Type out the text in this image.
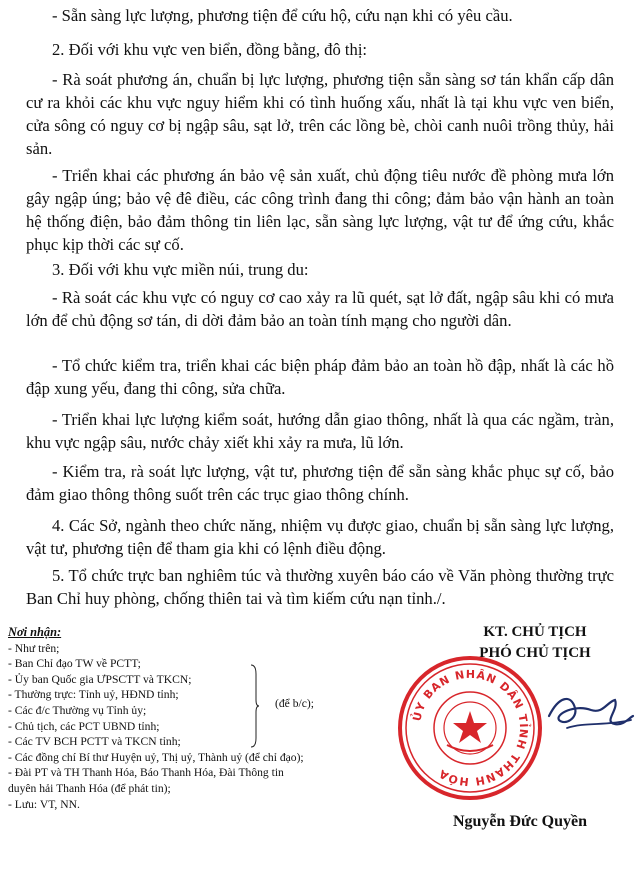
- Sẵn sàng lực lượng, phương tiện để cứu hộ, cứu nạn khi có yêu cầu.
2. Đối với khu vực ven biển, đồng bằng, đô thị:
- Rà soát phương án, chuẩn bị lực lượng, phương tiện sẵn sàng sơ tán khẩn cấp dân cư ra khỏi các khu vực nguy hiểm khi có tình huống xấu, nhất là tại khu vực ven biển, cửa sông có nguy cơ bị ngập sâu, sạt lở, trên các lồng bè, chòi canh nuôi trồng thủy, hải sản.
- Triển khai các phương án bảo vệ sản xuất, chủ động tiêu nước đề phòng mưa lớn gây ngập úng; bảo vệ đê điều, các công trình đang thi công; đảm bảo vận hành an toàn hệ thống điện, bảo đảm thông tin liên lạc, sẵn sàng lực lượng, vật tư để ứng cứu, khắc phục kịp thời các sự cố.
3. Đối với khu vực miền núi, trung du:
- Rà soát các khu vực có nguy cơ cao xảy ra lũ quét, sạt lở đất, ngập sâu khi có mưa lớn để chủ động sơ tán, di dời đảm bảo an toàn tính mạng cho người dân.
- Tổ chức kiểm tra, triển khai các biện pháp đảm bảo an toàn hồ đập, nhất là các hồ đập xung yếu, đang thi công, sửa chữa.
- Triển khai lực lượng kiểm soát, hướng dẫn giao thông, nhất là qua các ngầm, tràn, khu vực ngập sâu, nước chảy xiết khi xảy ra mưa, lũ lớn.
- Kiểm tra, rà soát lực lượng, vật tư, phương tiện để sẵn sàng khắc phục sự cố, bảo đảm giao thông thông suốt trên các trục giao thông chính.
4. Các Sở, ngành theo chức năng, nhiệm vụ được giao, chuẩn bị sẵn sàng lực lượng, vật tư, phương tiện để tham gia khi có lệnh điều động.
5. Tổ chức trực ban nghiêm túc và thường xuyên báo cáo về Văn phòng thường trực Ban Chỉ huy phòng, chống thiên tai và tìm kiếm cứu nạn tỉnh./.
Nơi nhận:
- Như trên;
- Ban Chỉ đạo TW về PCTT;
- Ủy ban Quốc gia ƯPSCTT và TKCN;
- Thường trực: Tỉnh uỷ, HĐND tỉnh;
- Các đ/c Thường vụ Tỉnh ủy;
- Chủ tịch, các PCT UBND tỉnh;
- Các TV BCH PCTT và TKCN tỉnh;
- Các đồng chí Bí thư Huyện uỷ, Thị uỷ, Thành uỷ (để chỉ đạo);
- Đài PT và TH Thanh Hóa, Báo Thanh Hóa, Đài Thông tin
duyên hải Thanh Hóa (để phát tin);
- Lưu: VT, NN.
(để b/c);
KT. CHỦ TỊCH
PHÓ CHỦ TỊCH
ỦY BAN NHÂN DÂN TỈNH THANH HÓA
Nguyễn Đức Quyền
